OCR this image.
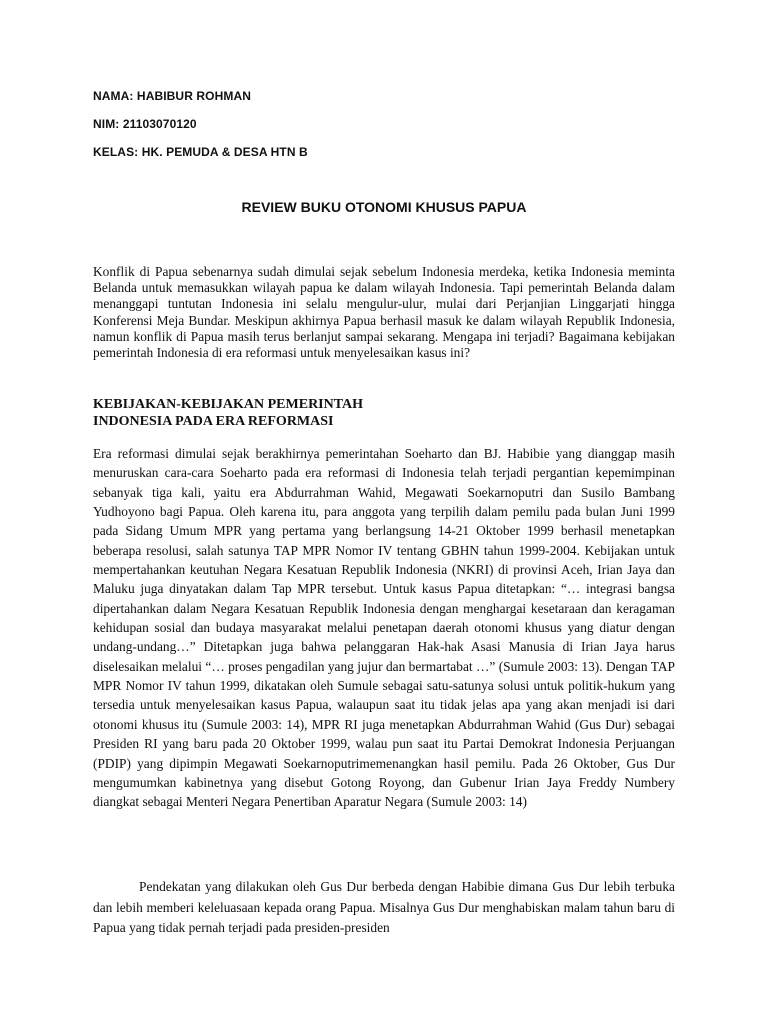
NAMA: HABIBUR ROHMAN

NIM: 21103070120

KELAS: HK. PEMUDA & DESA HTN B

REVIEW BUKU OTONOMI KHUSUS PAPUA

Konflik di Papua sebenarnya sudah dimulai sejak sebelum Indonesia merdeka, ketika Indonesia meminta Belanda untuk memasukkan wilayah papua ke dalam wilayah Indonesia. Tapi pemerintah Belanda dalam menanggapi tuntutan Indonesia ini selalu mengulur-ulur, mulai dari Perjanjian Linggarjati hingga Konferensi Meja Bundar. Meskipun akhirnya Papua berhasil masuk ke dalam wilayah Republik Indonesia, namun konflik di Papua masih terus berlanjut sampai sekarang. Mengapa ini terjadi? Bagaimana kebijakan pemerintah Indonesia di era reformasi untuk menyelesaikan kasus ini?

KEBIJAKAN-KEBIJAKAN PEMERINTAH
INDONESIA PADA ERA REFORMASI

Era reformasi dimulai sejak berakhirnya pemerintahan Soeharto dan BJ. Habibie yang dianggap masih menuruskan cara-cara Soeharto pada era reformasi di Indonesia telah terjadi pergantian kepemimpinan sebanyak tiga kali, yaitu era Abdurrahman Wahid, Megawati Soekarnoputri dan Susilo Bambang Yudhoyono bagi Papua. Oleh karena itu, para anggota yang terpilih dalam pemilu pada bulan Juni 1999 pada Sidang Umum MPR yang pertama yang berlangsung 14-21 Oktober 1999 berhasil menetapkan beberapa resolusi, salah satunya TAP MPR Nomor IV tentang GBHN tahun 1999-2004. Kebijakan untuk mempertahankan keutuhan Negara Kesatuan Republik Indonesia (NKRI) di provinsi Aceh, Irian Jaya dan Maluku juga dinyatakan dalam Tap MPR tersebut. Untuk kasus Papua ditetapkan: “… integrasi bangsa dipertahankan dalam Negara Kesatuan Republik Indonesia dengan menghargai kesetaraan dan keragaman kehidupan sosial dan budaya masyarakat melalui penetapan daerah otonomi khusus yang diatur dengan undang-undang…” Ditetapkan juga bahwa pelanggaran Hak-hak Asasi Manusia di Irian Jaya harus diselesaikan melalui “… proses pengadilan yang jujur dan bermartabat …” (Sumule 2003: 13). Dengan TAP MPR Nomor IV tahun 1999, dikatakan oleh Sumule sebagai satu-satunya solusi untuk politik-hukum yang tersedia untuk menyelesaikan kasus Papua, walaupun saat itu tidak jelas apa yang akan menjadi isi dari otonomi khusus itu (Sumule 2003: 14), MPR RI juga menetapkan Abdurrahman Wahid (Gus Dur) sebagai Presiden RI yang baru pada 20 Oktober 1999, walau pun saat itu Partai Demokrat Indonesia Perjuangan (PDIP) yang dipimpin Megawati Soekarnoputrimemenangkan hasil pemilu. Pada 26 Oktober, Gus Dur mengumumkan kabinetnya yang disebut Gotong Royong, dan Gubenur Irian Jaya Freddy Numbery diangkat sebagai Menteri Negara Penertiban Aparatur Negara (Sumule 2003: 14)

Pendekatan yang dilakukan oleh Gus Dur berbeda dengan Habibie dimana Gus Dur lebih terbuka dan lebih memberi keleluasaan kepada orang Papua. Misalnya Gus Dur menghabiskan malam tahun baru di Papua yang tidak pernah terjadi pada presiden-presiden
